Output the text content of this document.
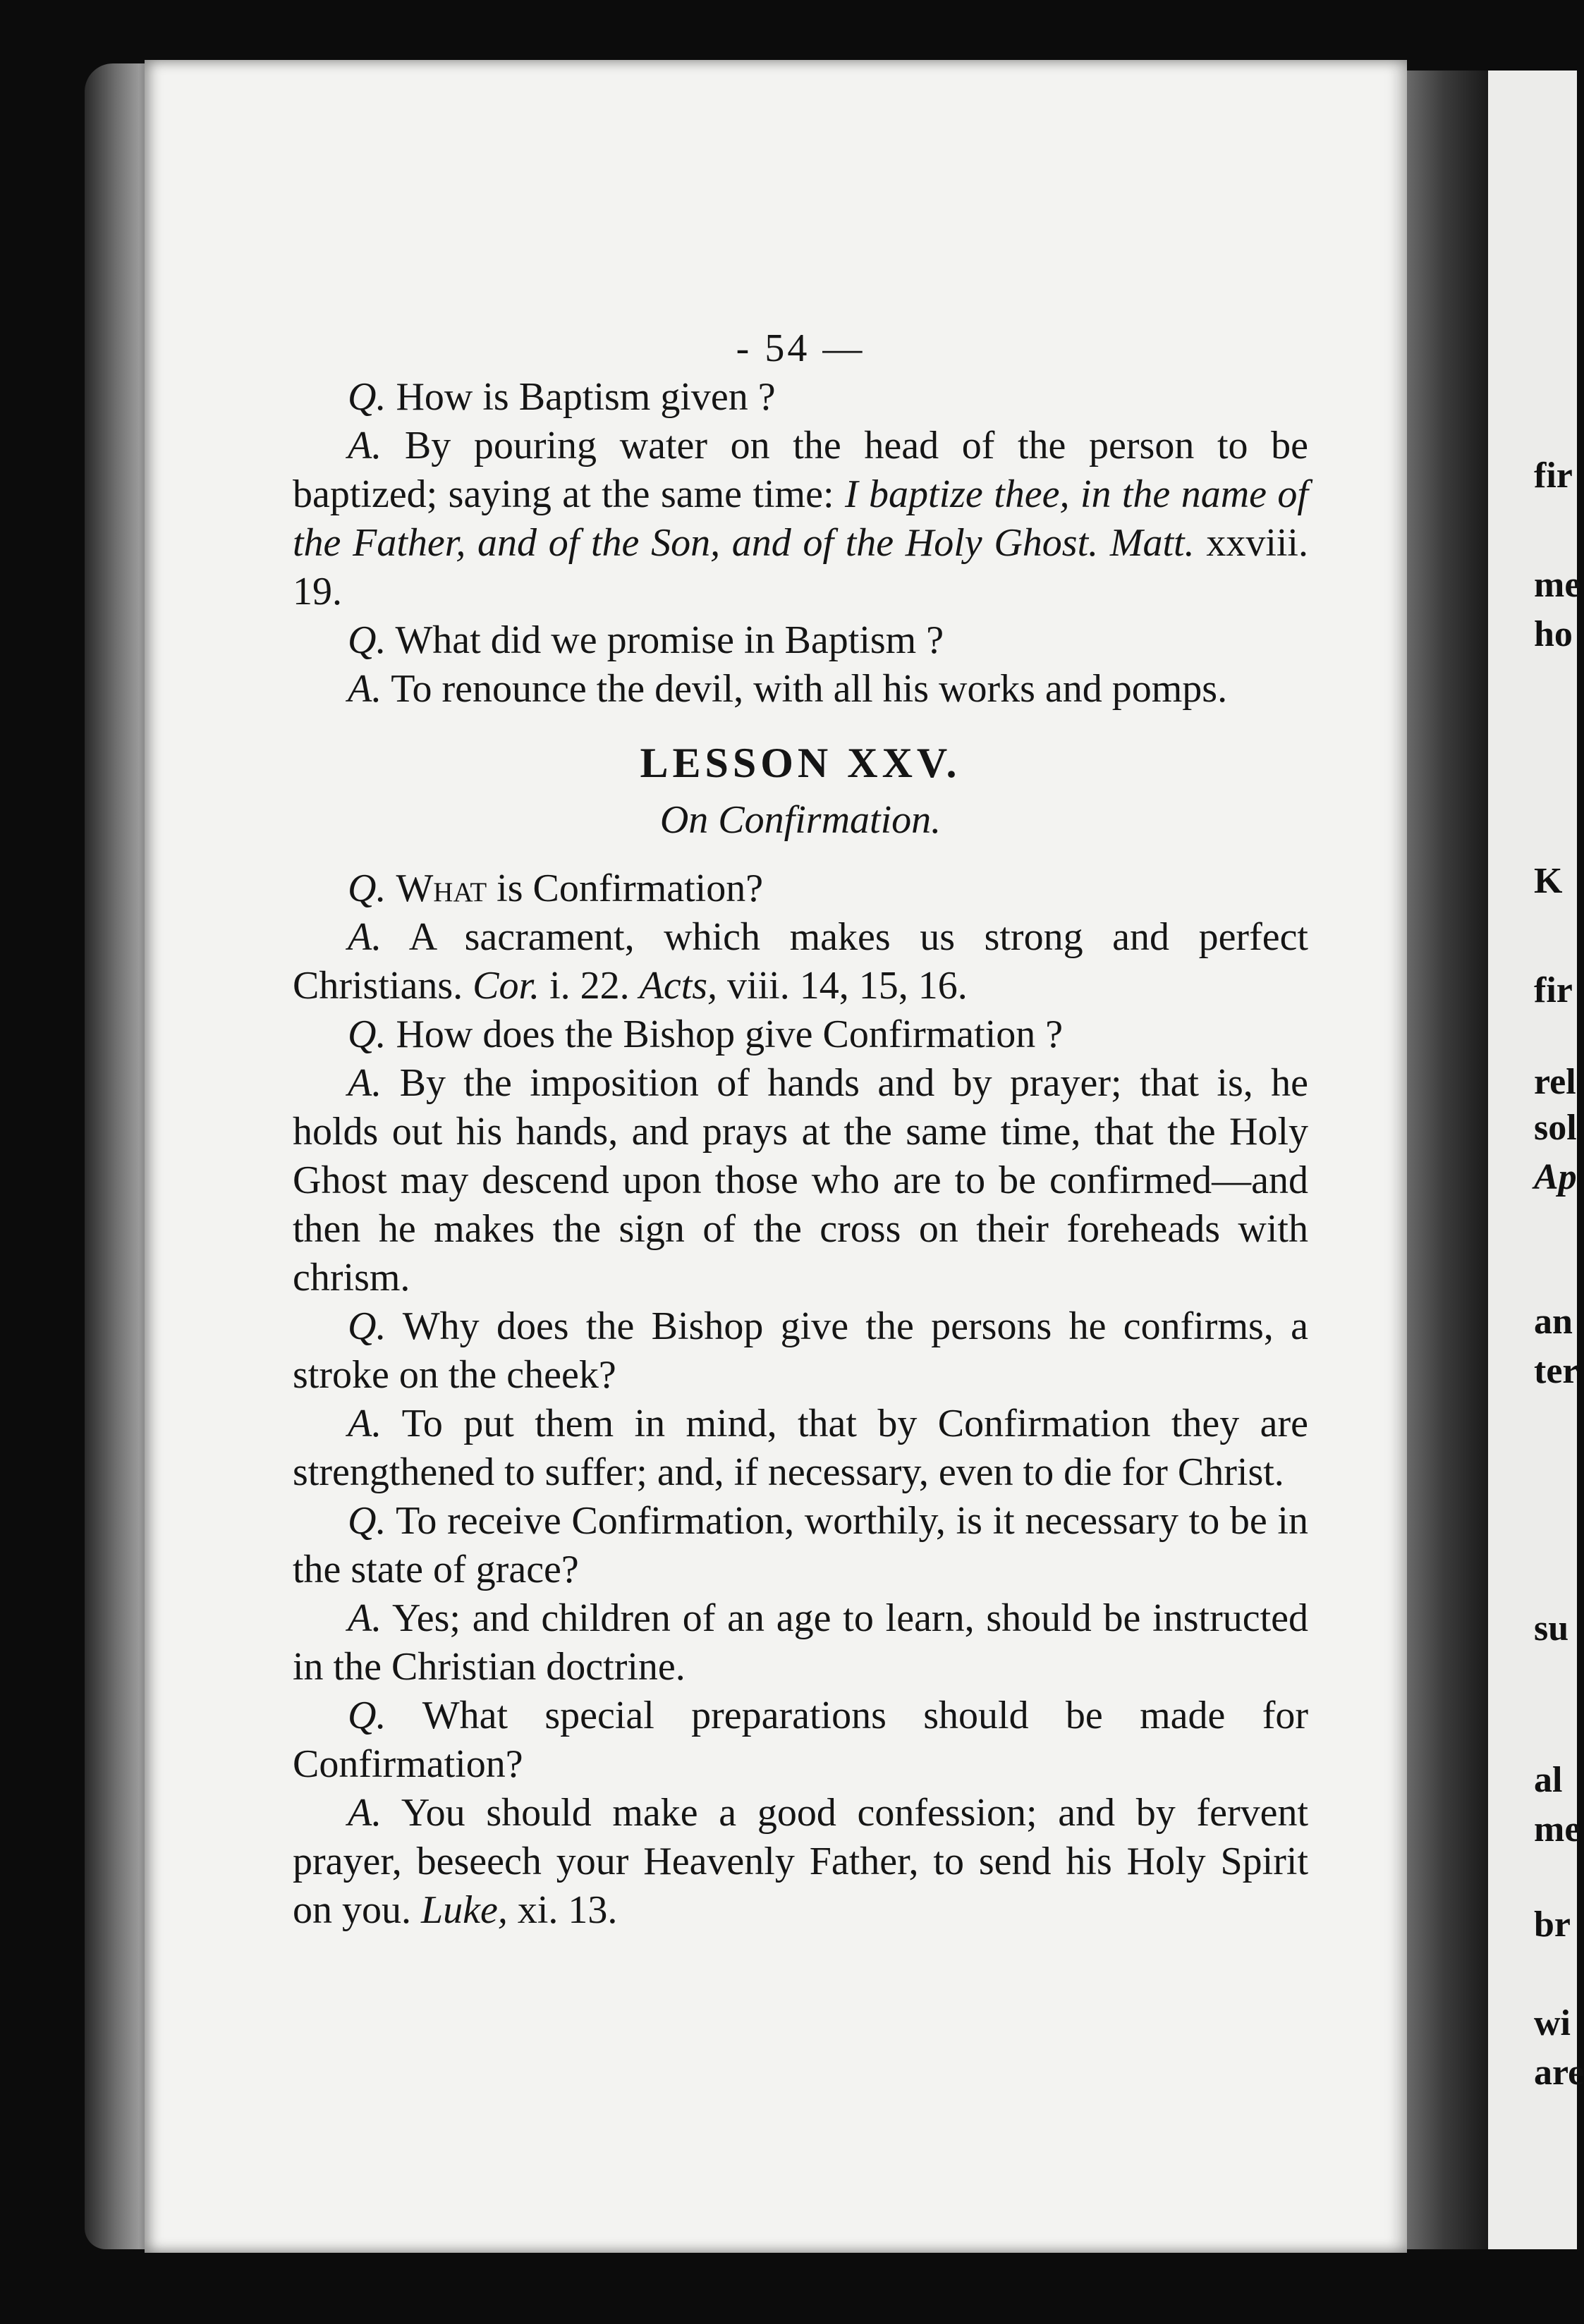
fir
me
ho
K
fir
rel
sol
Ap
an
ter
su
al
me
br
wi
are
- 54 —

Q. How is Baptism given ?

A. By pouring water on the head of the person to be baptized; saying at the same time: I baptize thee, in the name of the Father, and of the Son, and of the Holy Ghost. Matt. xxviii. 19.

Q. What did we promise in Baptism ?

A. To renounce the devil, with all his works and pomps.

LESSON XXV.
On Confirmation.

Q. What is Confirmation?

A. A sacrament, which makes us strong and perfect Christians. Cor. i. 22. Acts, viii. 14, 15, 16.

Q. How does the Bishop give Confirmation ?

A. By the imposition of hands and by prayer; that is, he holds out his hands, and prays at the same time, that the Holy Ghost may descend upon those who are to be confirmed—and then he makes the sign of the cross on their foreheads with chrism.

Q. Why does the Bishop give the persons he confirms, a stroke on the cheek?

A. To put them in mind, that by Confirmation they are strengthened to suffer; and, if necessary, even to die for Christ.

Q. To receive Confirmation, worthily, is it necessary to be in the state of grace?

A. Yes; and children of an age to learn, should be instructed in the Christian doctrine.

Q. What special preparations should be made for Confirmation?

A. You should make a good confession; and by fervent prayer, beseech your Heavenly Father, to send his Holy Spirit on you. Luke, xi. 13.
